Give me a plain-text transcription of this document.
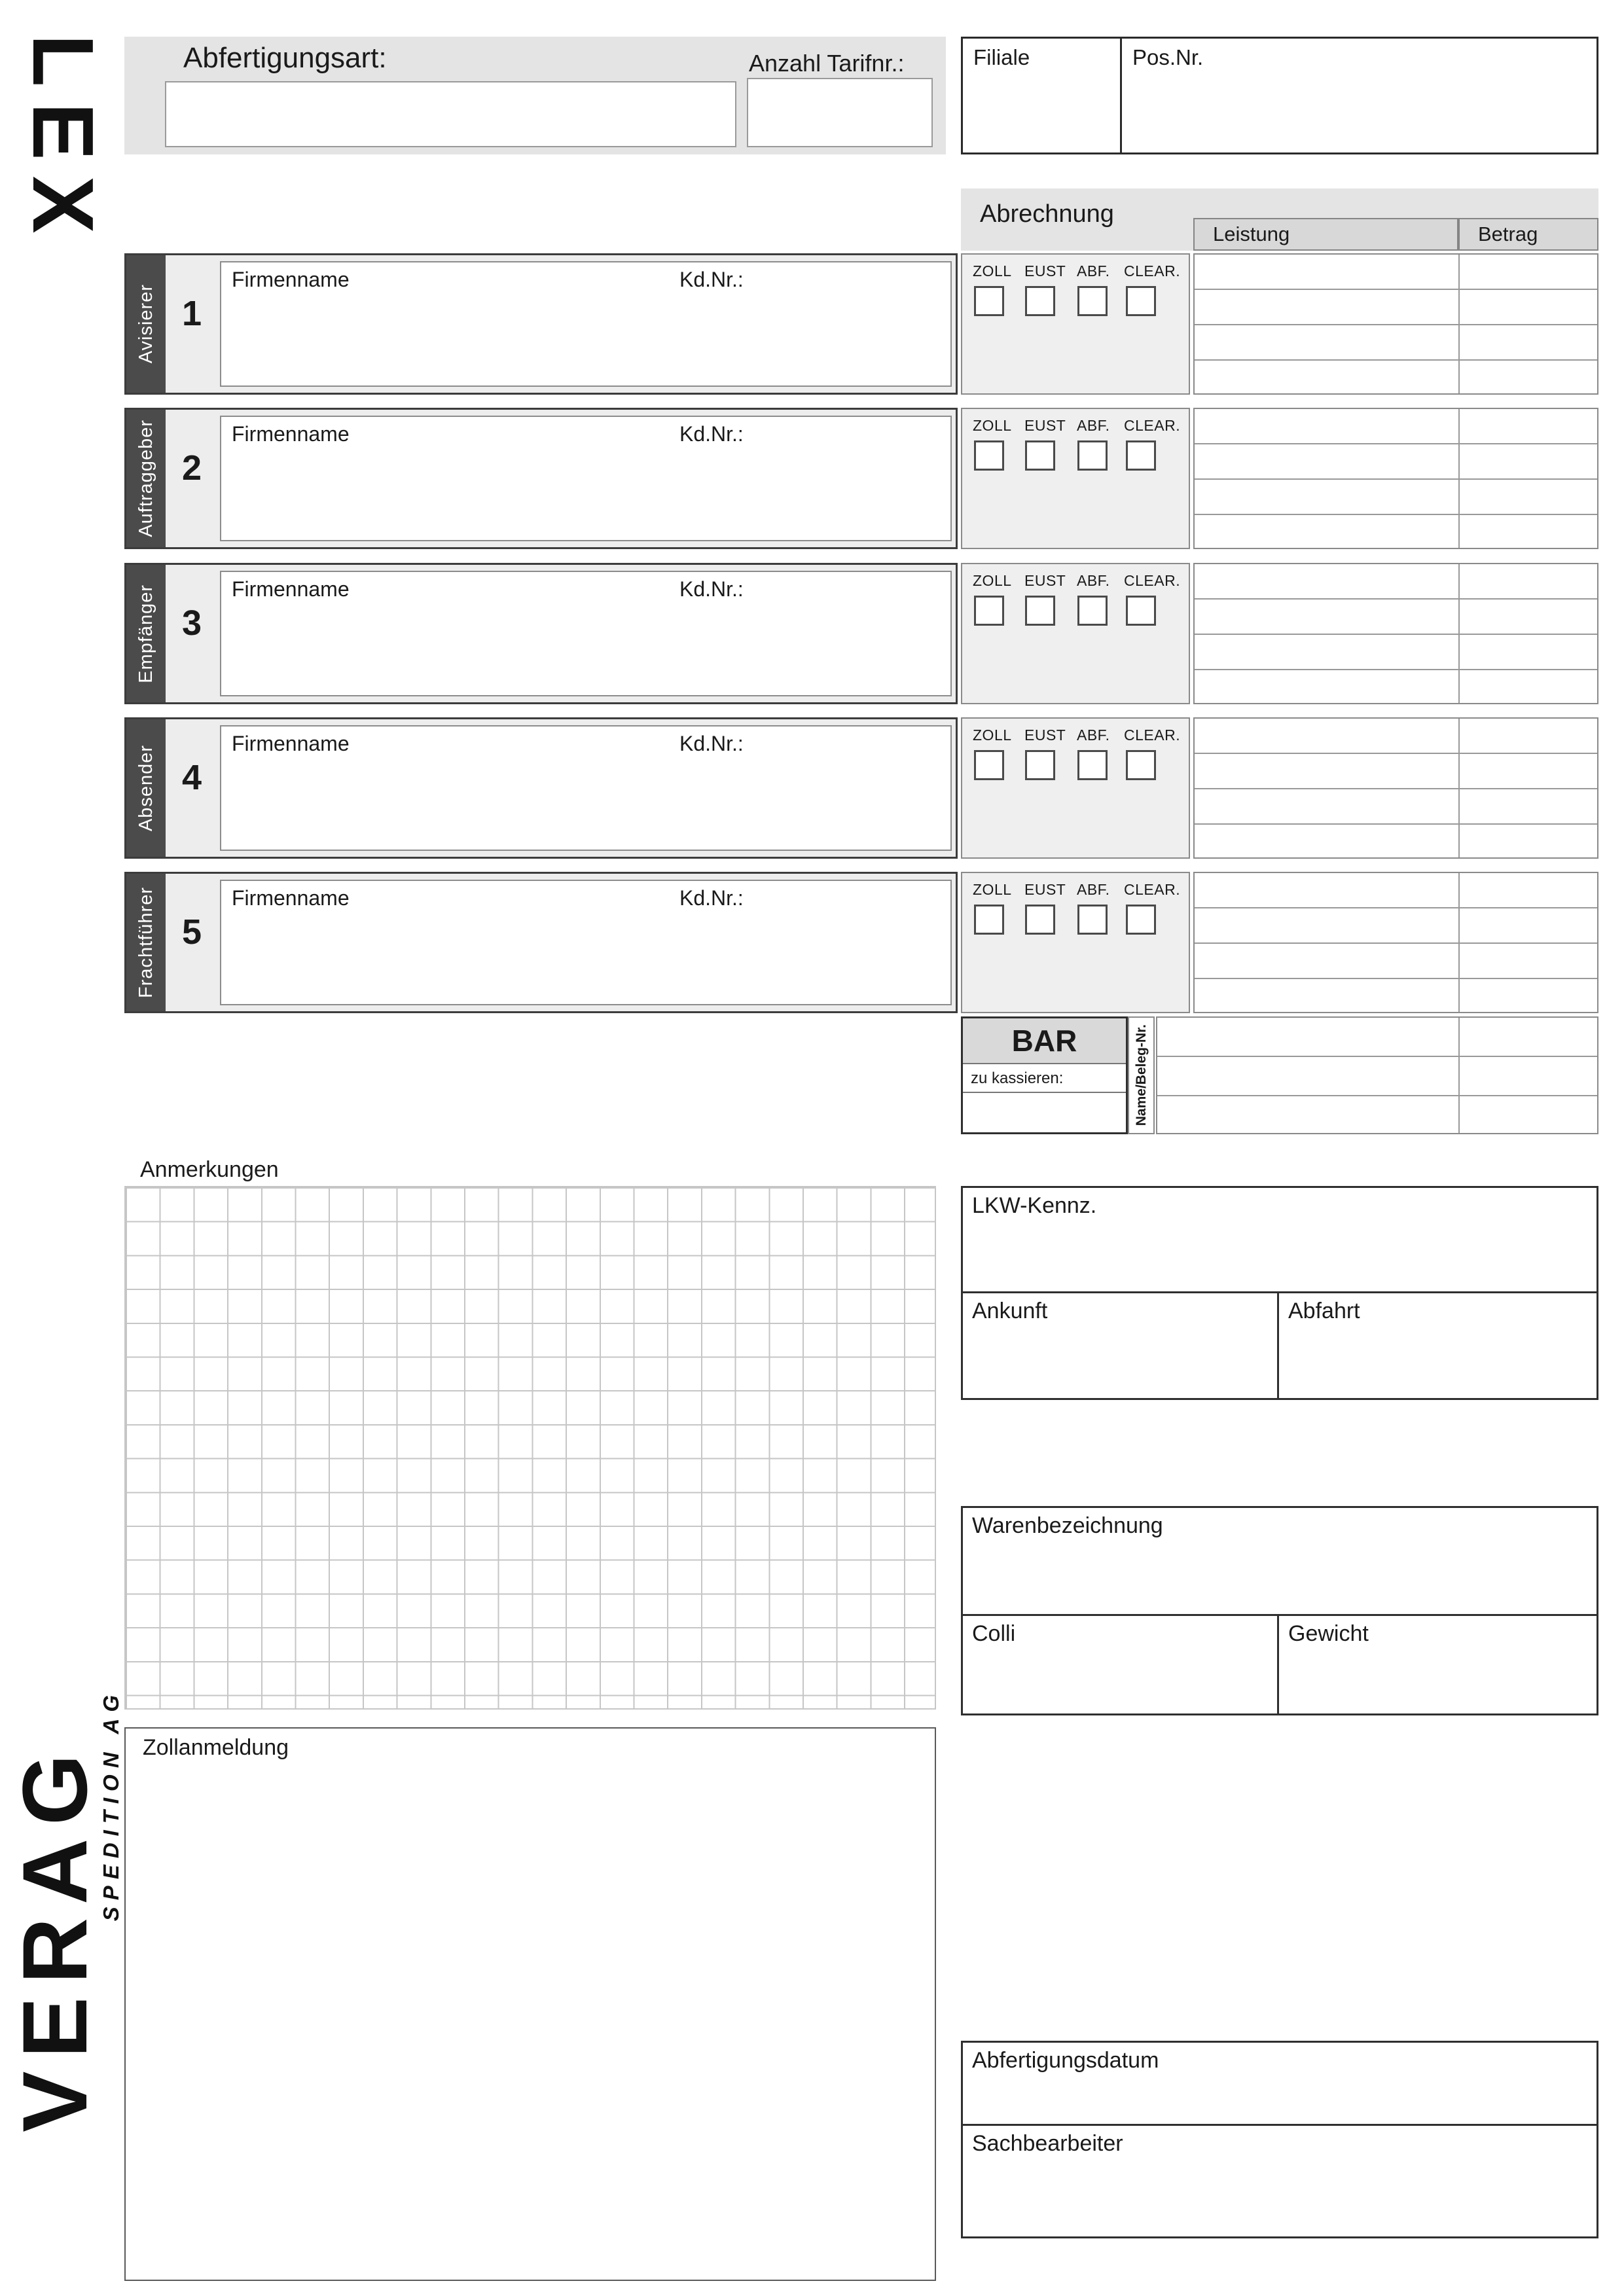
LEX	Abfertigungsart:	Anzahl Tarifnr.:	Filiale	Pos.Nr.
Abrechnung
Leistung	Betrag
Avisierer 1
Firmenname	Kd.Nr.:	ZOLL EUST ABF. CLEAR.
Auftraggeber 2
Firmenname	Kd.Nr.:	ZOLL EUST ABF. CLEAR.
Empfänger 3
Firmenname	Kd.Nr.:	ZOLL EUST ABF. CLEAR.
Absender 4
Firmenname	Kd.Nr.:	ZOLL EUST ABF. CLEAR.
Frachtführer 5
Firmenname	Kd.Nr.:	ZOLL EUST ABF. CLEAR.
BAR
zu kassieren:	Name/Beleg-Nr.
Anmerkungen
LKW-Kennz.
Ankunft	Abfahrt
Warenbezeichnung
Colli	Gewicht
Zollanmeldung
Abfertigungsdatum
Sachbearbeiter
VERAG
SPEDITION AG
